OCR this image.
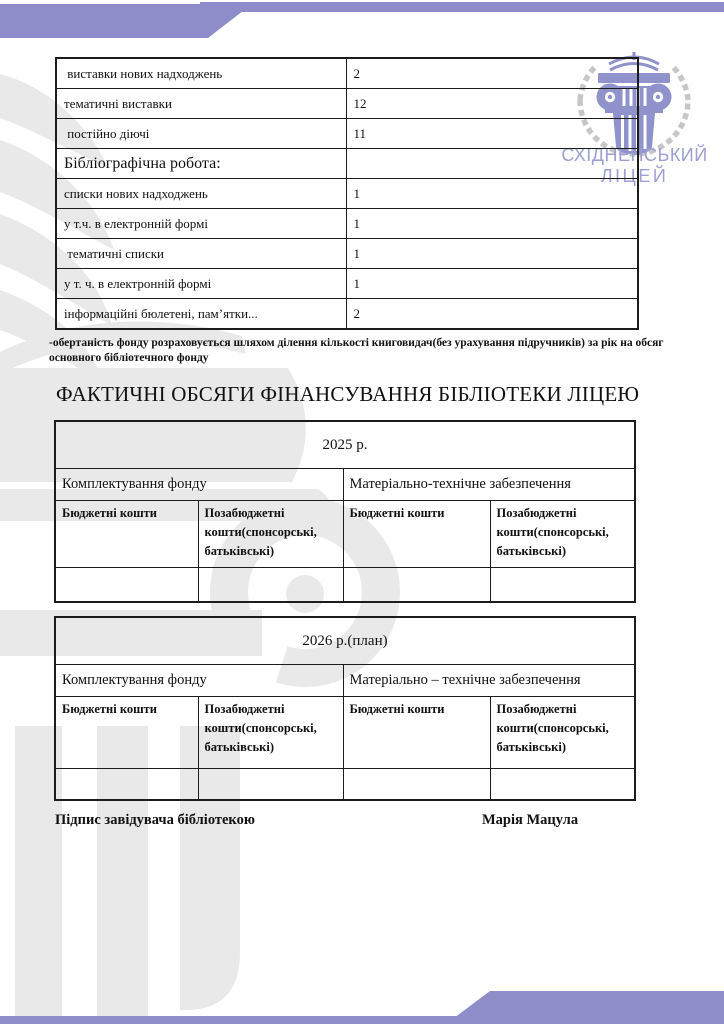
СХІДНЕНСЬКИЙ
ЛІЦЕЙ
виставки нових надходжень	2
тематичні виставки	12
постійно діючі	11
Бібліографічна робота:	
списки нових надходжень	1
у т.ч. в електронній формі	1
тематичні списки	1
у т. ч. в електронній формі	1
інформаційні бюлетені, пам’ятки...	2
-обертаність фонду розраховується шляхом ділення кількості книговидач(без урахування підручників) за рік на обсяг основного бібліотечного фонду
ФАКТИЧНІ ОБСЯГИ ФІНАНСУВАННЯ БІБЛІОТЕКИ ЛІЦЕЮ
2025 р.			
Комплектування фонду		Матеріально-технічне забезпечення	
Бюджетні кошти	Позабюджетні кошти(спонсорські, батьківські)	Бюджетні кошти	Позабюджетні кошти(спонсорські, батьківські)

2026 р.(план)			
Комплектування фонду		Матеріально – технічне забезпечення	
Бюджетні кошти	Позабюджетні кошти(спонсорські, батьківські)	Бюджетні кошти	Позабюджетні кошти(спонсорські, батьківські)

Підпис завідувача бібліотекою	Марія Мацула
